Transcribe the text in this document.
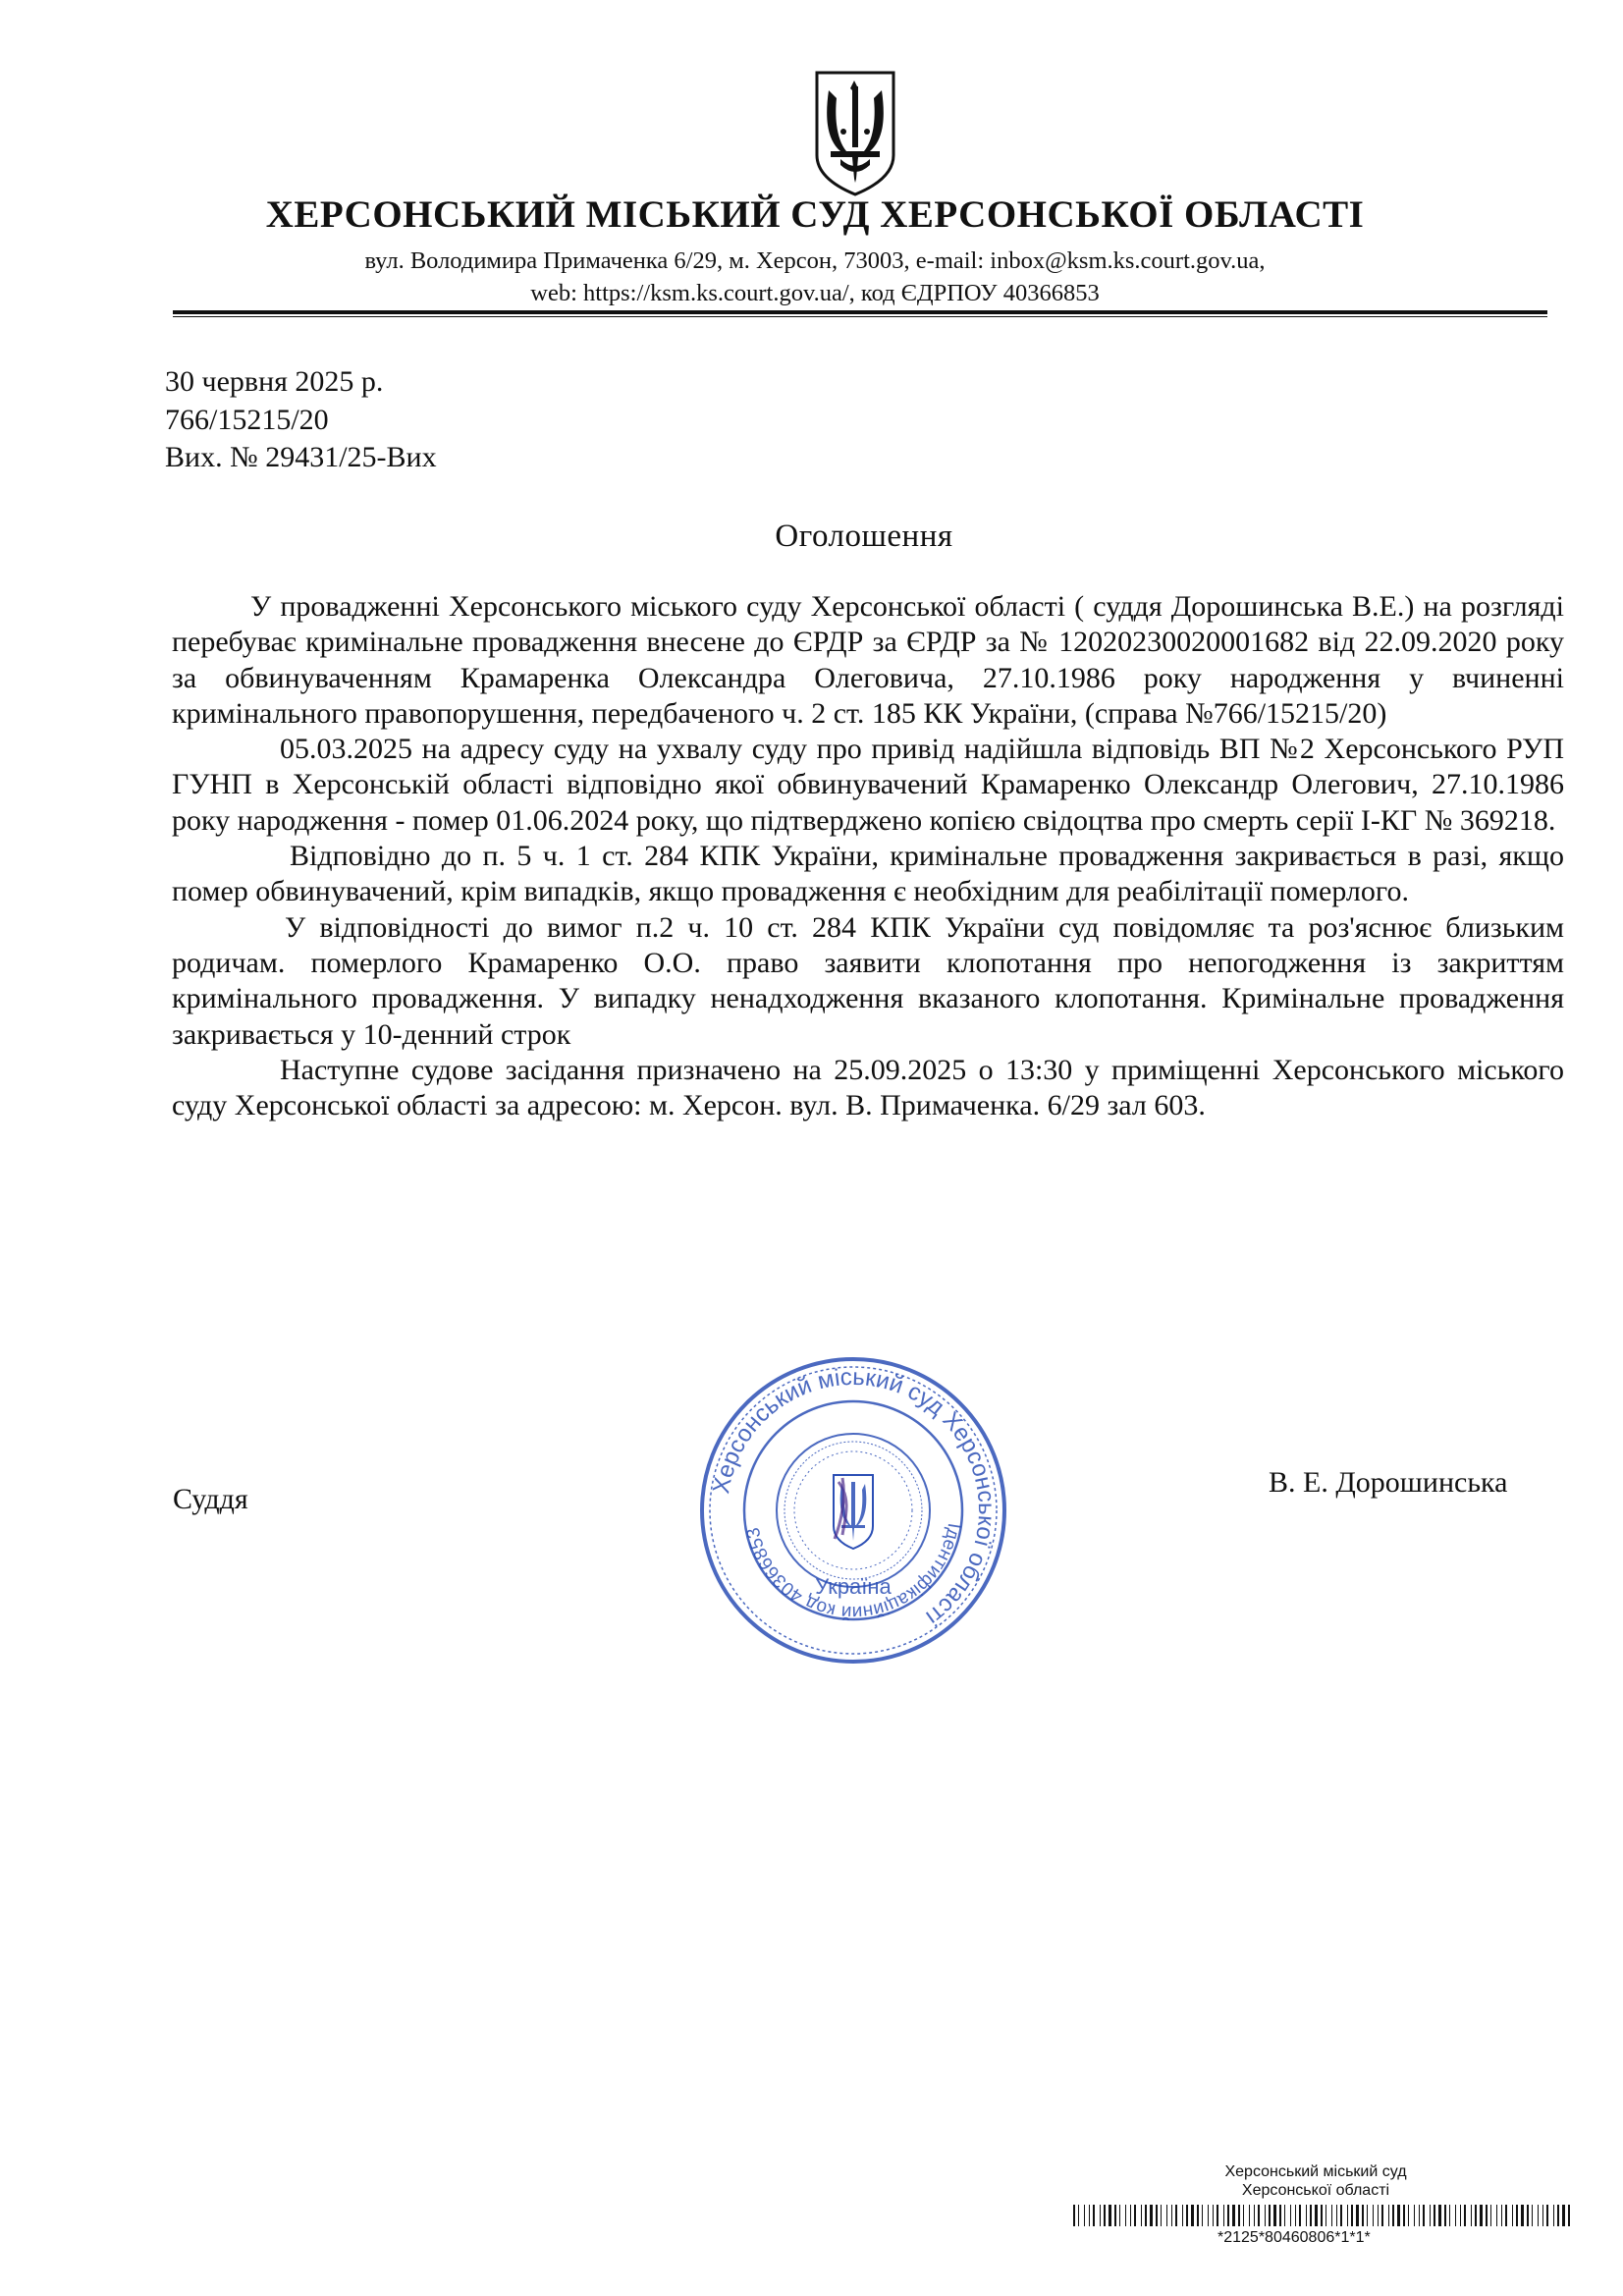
ХЕРСОНСЬКИЙ МІСЬКИЙ СУД ХЕРСОНСЬКОЇ ОБЛАСТІ
вул. Володимира Примаченка 6/29, м. Херсон, 73003, e-mail: inbox@ksm.ks.court.gov.ua,
web: https://ksm.ks.court.gov.ua/, код ЄДРПОУ 40366853
30 червня 2025 р.
766/15215/20
Вих. № 29431/25-Вих
Оголошення

У провадженні Херсонського міського суду Херсонської області ( суддя Дорошинська В.Е.) на розгляді перебуває кримінальне провадження внесене до ЄРДР за ЄРДР за № 12020230020001682 від 22.09.2020 року за обвинуваченням Крамаренка Олександра Олеговича, 27.10.1986 року народження у вчиненні кримінального правопорушення, передбаченого ч. 2 ст. 185 КК України, (справа №766/15215/20)

05.03.2025 на адресу суду на ухвалу суду про привід надійшла відповідь ВП №2 Херсонського РУП ГУНП в Херсонській області відповідно якої обвинувачений Крамаренко Олександр Олегович, 27.10.1986 року народження - помер 01.06.2024 року, що підтверджено копією свідоцтва про смерть серії І-КГ № 369218.

Відповідно до п. 5 ч. 1 ст. 284 КПК України, кримінальне провадження закривається в разі, якщо помер обвинувачений, крім випадків, якщо провадження є необхідним для реабілітації померлого.

У відповідності до вимог п.2 ч. 10 ст. 284 КПК України суд повідомляє та роз'яснює близьким родичам. померлого Крамаренко О.О. право заявити клопотання про непогодження із закриттям кримінального провадження. У випадку ненадходження вказаного клопотання. Кримінальне провадження закривається у 10-денний строк

Наступне судове засідання призначено на 25.09.2025 о 13:30 у приміщенні Херсонського міського суду Херсонської області за адресою: м. Херсон. вул. В. Примачeнка. 6/29 зал 603.

Суддя	Херсонський міський суд Херсонської області
Ідентифікаційний код 40366853
Україна
В. Е. Дорошинська
Херсонський міський суд
Херсонської області
*2125*80460806*1*1*
